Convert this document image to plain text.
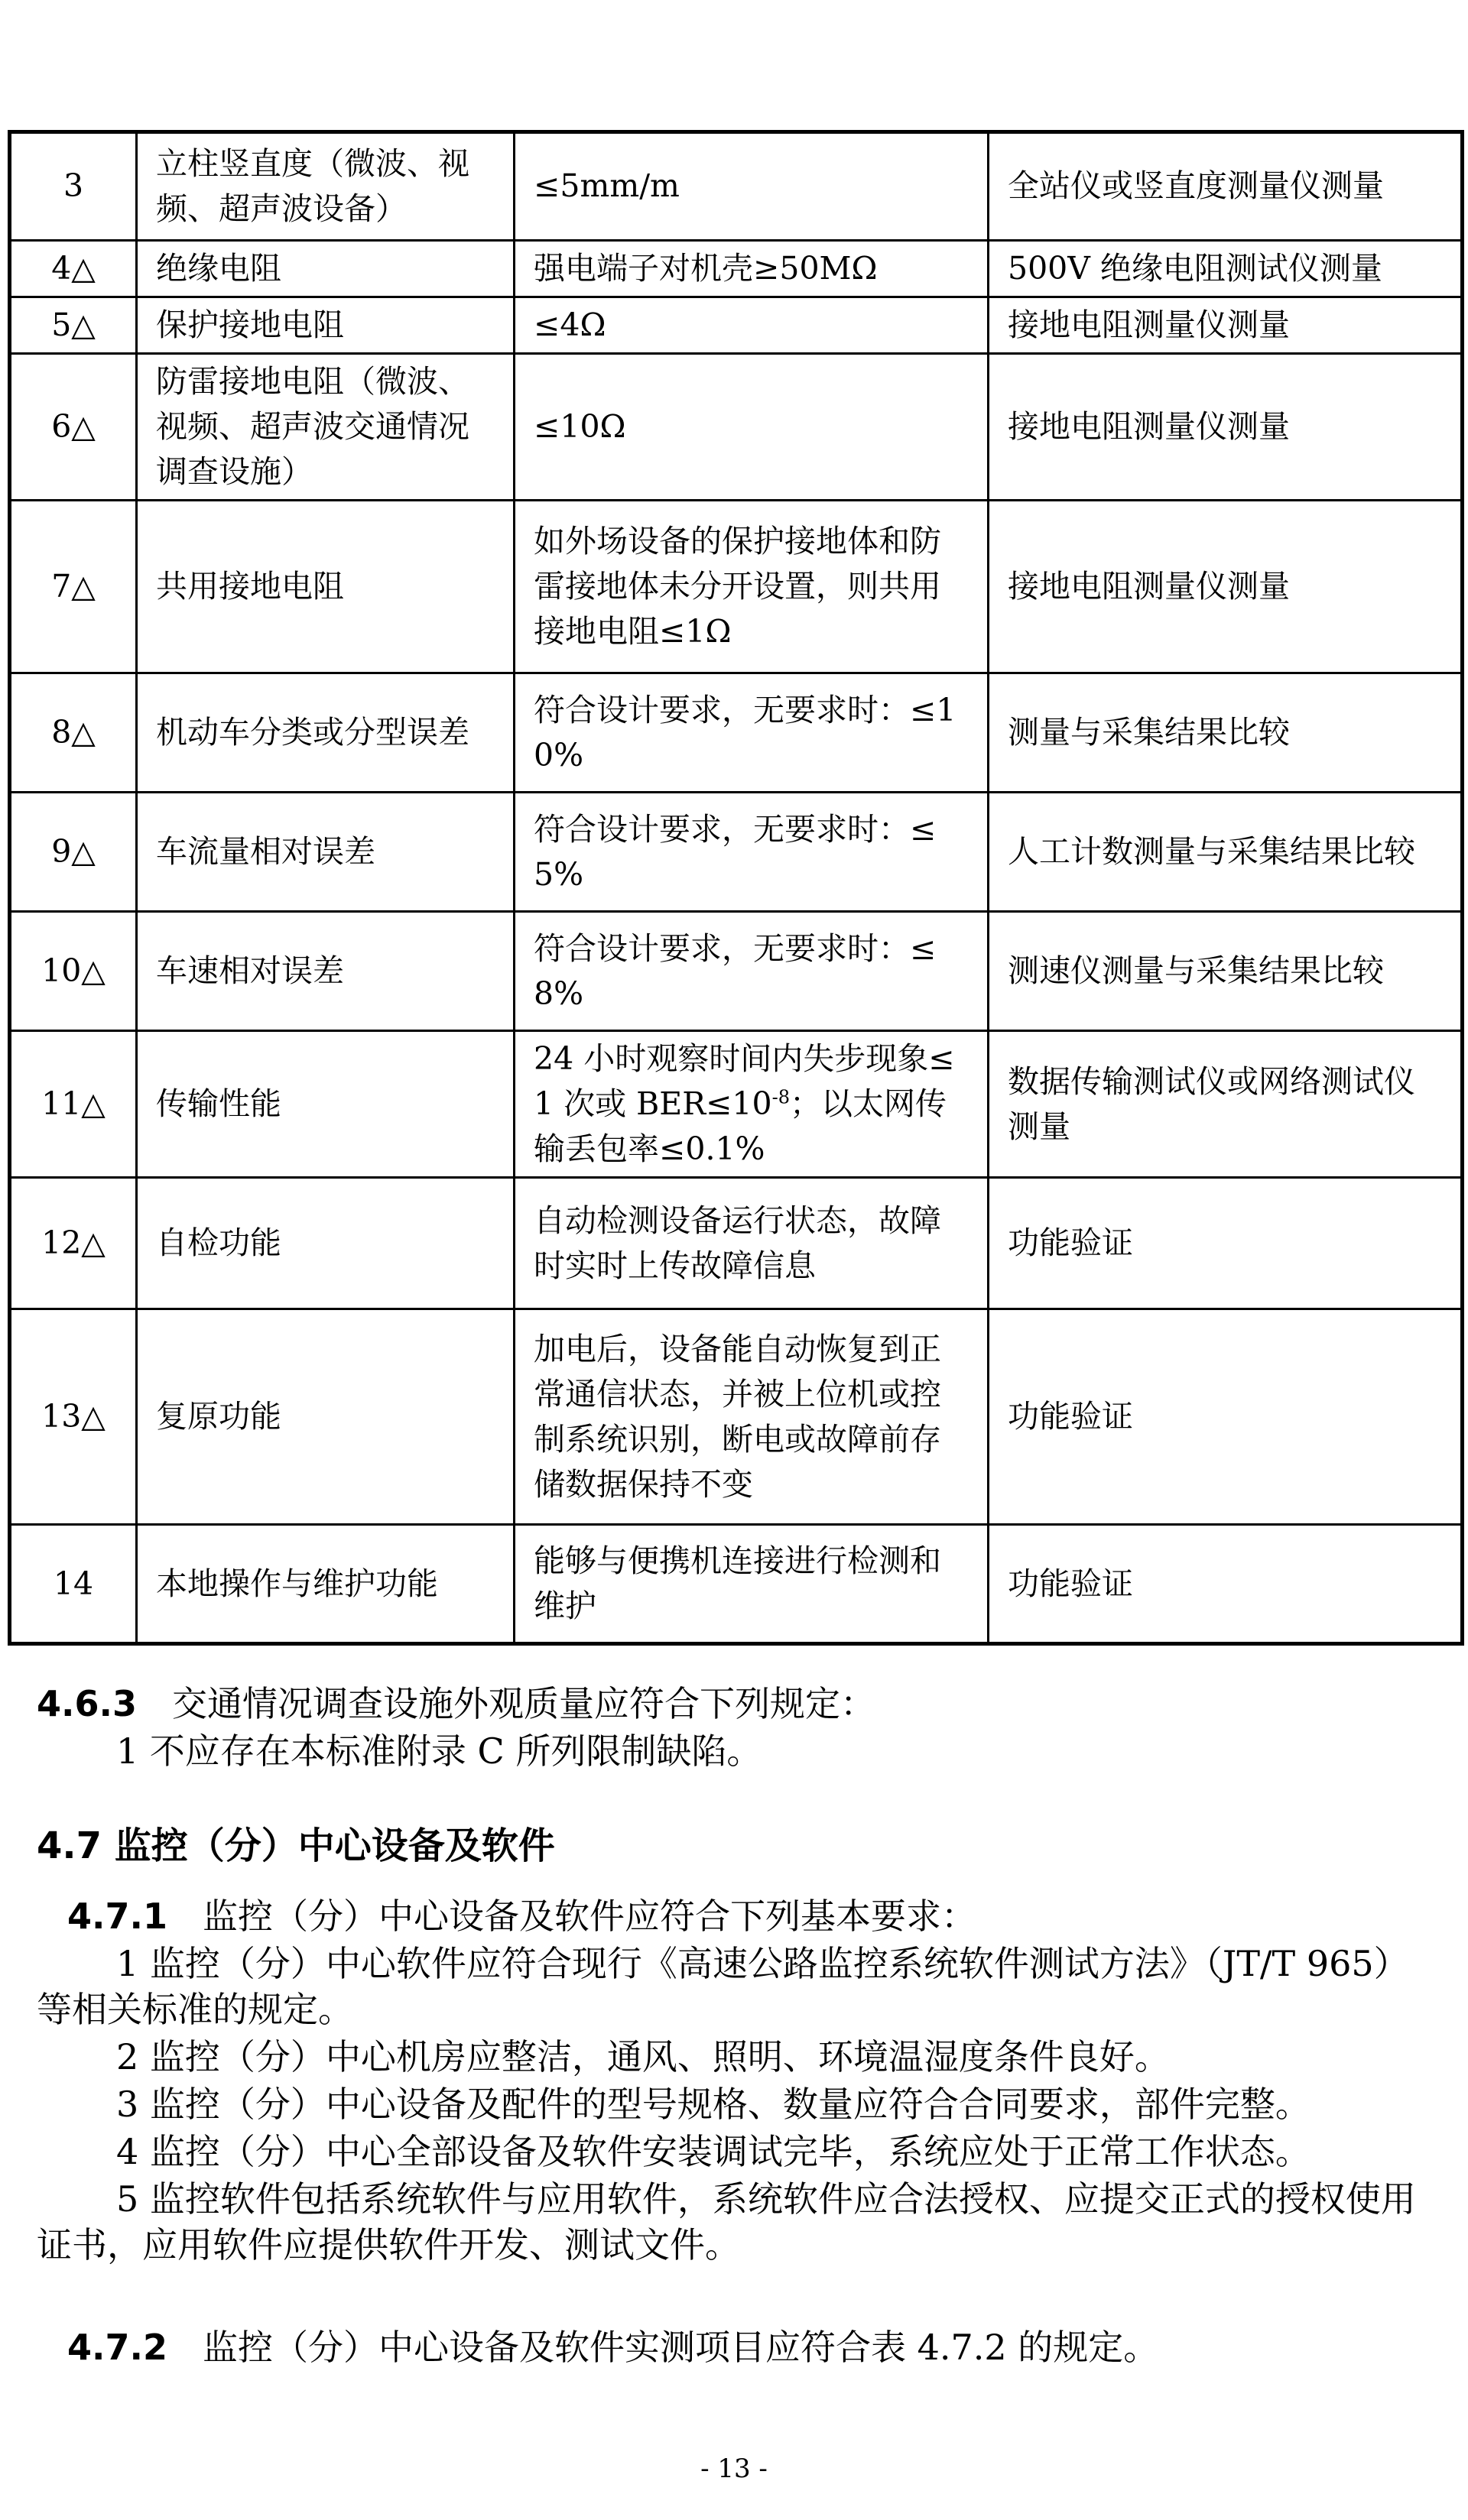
3	立柱竖直度（微波、视频、超声波设备）	≤5mm/m	全站仪或竖直度测量仪测量
4△	绝缘电阻	强电端子对机壳≥50MΩ	500V 绝缘电阻测试仪测量
5△	保护接地电阻	≤4Ω	接地电阻测量仪测量
6△	防雷接地电阻（微波、视频、超声波交通情况调查设施）	≤10Ω	接地电阻测量仪测量
7△	共用接地电阻	如外场设备的保护接地体和防雷接地体未分开设置，则共用接地电阻≤1Ω	接地电阻测量仪测量
8△	机动车分类或分型误差	符合设计要求，无要求时：≤10%	测量与采集结果比较
9△	车流量相对误差	符合设计要求，无要求时：≤5%	人工计数测量与采集结果比较
10△	车速相对误差	符合设计要求，无要求时：≤8%	测速仪测量与采集结果比较
11△	传输性能	24 小时观察时间内失步现象≤1 次或 $BER\le 10^{-8}$；以太网传输丢包率≤0.1%	数据传输测试仪或网络测试仪测量
12△	自检功能	自动检测设备运行状态，故障时实时上传故障信息	功能验证
13△	复原功能	加电后，设备能自动恢复到正常通信状态，并被上位机或控制系统识别，断电或故障前存储数据保持不变	功能验证
14	本地操作与维护功能	能够与便携机连接进行检测和维护	功能验证

4.6.3　 交通情况调查设施外观质量应符合下列规定：

1 不应存在本标准附录 C 所列限制缺陷。

4.7 监控（分）中心设备及软件

4.7.1　 监控（分）中心设备及软件应符合下列基本要求：

1 监控（分）中心软件应符合现行《高速公路监控系统软件测试方法》（JT/T 965）等相关标准的规定。

2 监控（分）中心机房应整洁，通风、照明、环境温湿度条件良好。

3 监控（分）中心设备及配件的型号规格、数量应符合合同要求，部件完整。

4 监控（分）中心全部设备及软件安装调试完毕，系统应处于正常工作状态。

5 监控软件包括系统软件与应用软件，系统软件应合法授权、应提交正式的授权使用证书，应用软件应提供软件开发、测试文件。

4.7.2　 监控（分）中心设备及软件实测项目应符合表 4.7.2 的规定。

- 13 -
